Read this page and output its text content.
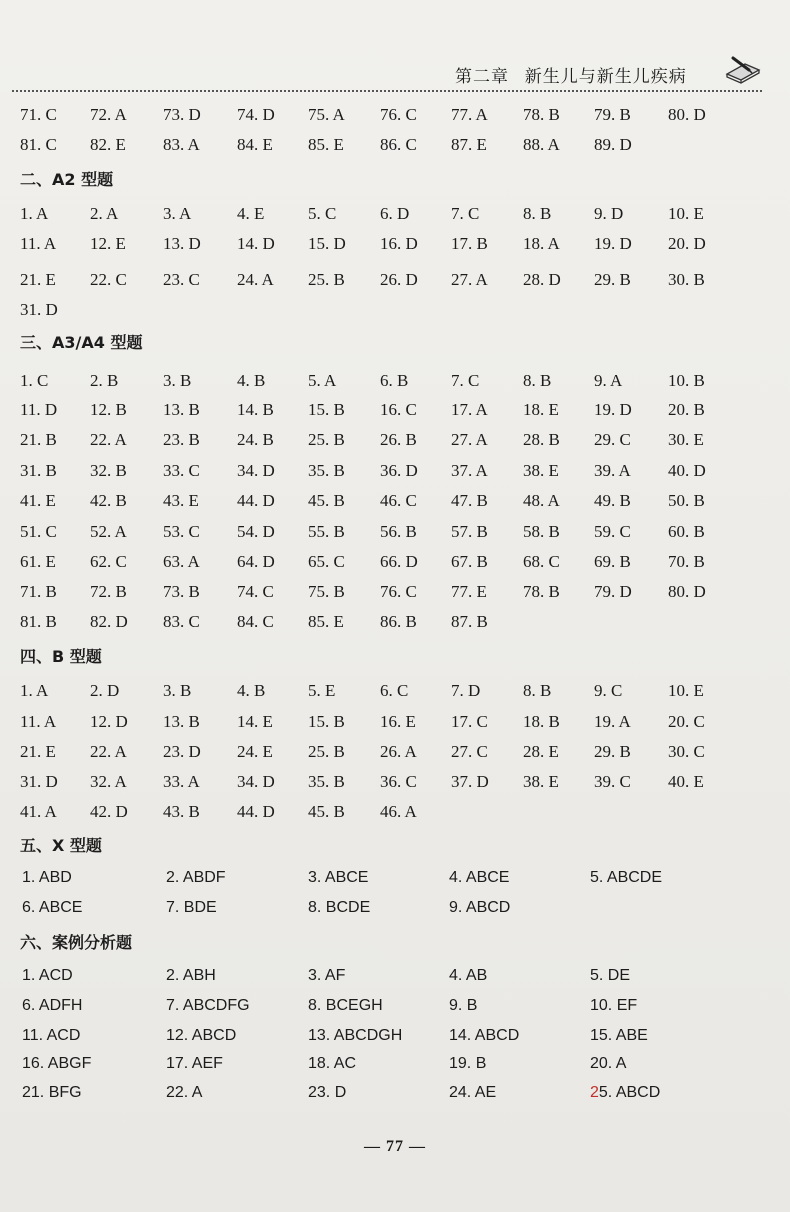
第二章 新生儿与新生儿疾病
71. C 72. A 73. D 74. D 75. A 76. C 77. A 78. B 79. B 80. D
81. C 82. E 83. A 84. E 85. E 86. C 87. E 88. A 89. D
二、A2 型题
1. A 2. A	3. A	4. E	5. C	6. D 7. C	8. B	9. D	10. E
11. A 12. E 13. D 14. D 15. D 16. D 17. B 18. A 19. D 20. D
21. E 22. C 23. C 24. A 25. B 26. D 27. A 28. D 29. B 30. B
31. D
三、A3/A4 型题
1. C 2. B	3. B	4. B	5. A	6. B	7. C	8. B	9. A	10. B
11. D 12. B 13. B 14. B 15. B 16. C 17. A 18. E 19. D 20. B
21. B 22. A 23. B 24. B 25. B 26. B 27. A 28. B 29. C 30. E
31. B 32. B 33. C 34. D 35. B 36. D 37. A 38. E 39. A 40. D
41. E 42. B 43. E 44. D 45. B 46. C 47. B 48. A 49. B 50. B
51. C 52. A 53. C 54. D 55. B 56. B 57. B 58. B 59. C 60. B
61. E 62. C 63. A 64. D 65. C 66. D 67. B 68. C 69. B 70. B
71. B 72. B 73. B 74. C 75. B 76. C 77. E 78. B 79. D 80. D
81. B 82. D 83. C 84. C 85. E 86. B 87. B
四、B 型题
1. A 2. D	3. B	4. B	5. E	6. C	7. D	8. B	9. C	10. E
11. A 12. D 13. B 14. E 15. B 16. E 17. C 18. B 19. A 20. C
21. E 22. A 23. D 24. E 25. B 26. A 27. C 28. E 29. B 30. C
31. D 32. A 33. A 34. D 35. B 36. C 37. D 38. E 39. C 40. E
41. A 42. D 43. B 44. D 45. B 46. A
五、X 型题
1. ABD	2. ABDF	3. ABCE	4. ABCE	5. ABCDE
6. ABCE	7. BDE	8. BCDE	9. ABCD
六、案例分析题
1. ACD	2. ABH	3. AF	4. AB	5. DE
6. ADFH	7. ABCDFG	8. BCEGH	9. B	10. EF
11. ACD	12. ABCD	13. ABCDGH	14. ABCD	15. ABE
16. ABGF	17. AEF	18. AC	19. B	20. A
21. BFG	22. A	23. D	24. AE	25. ABCD
— 77 —
